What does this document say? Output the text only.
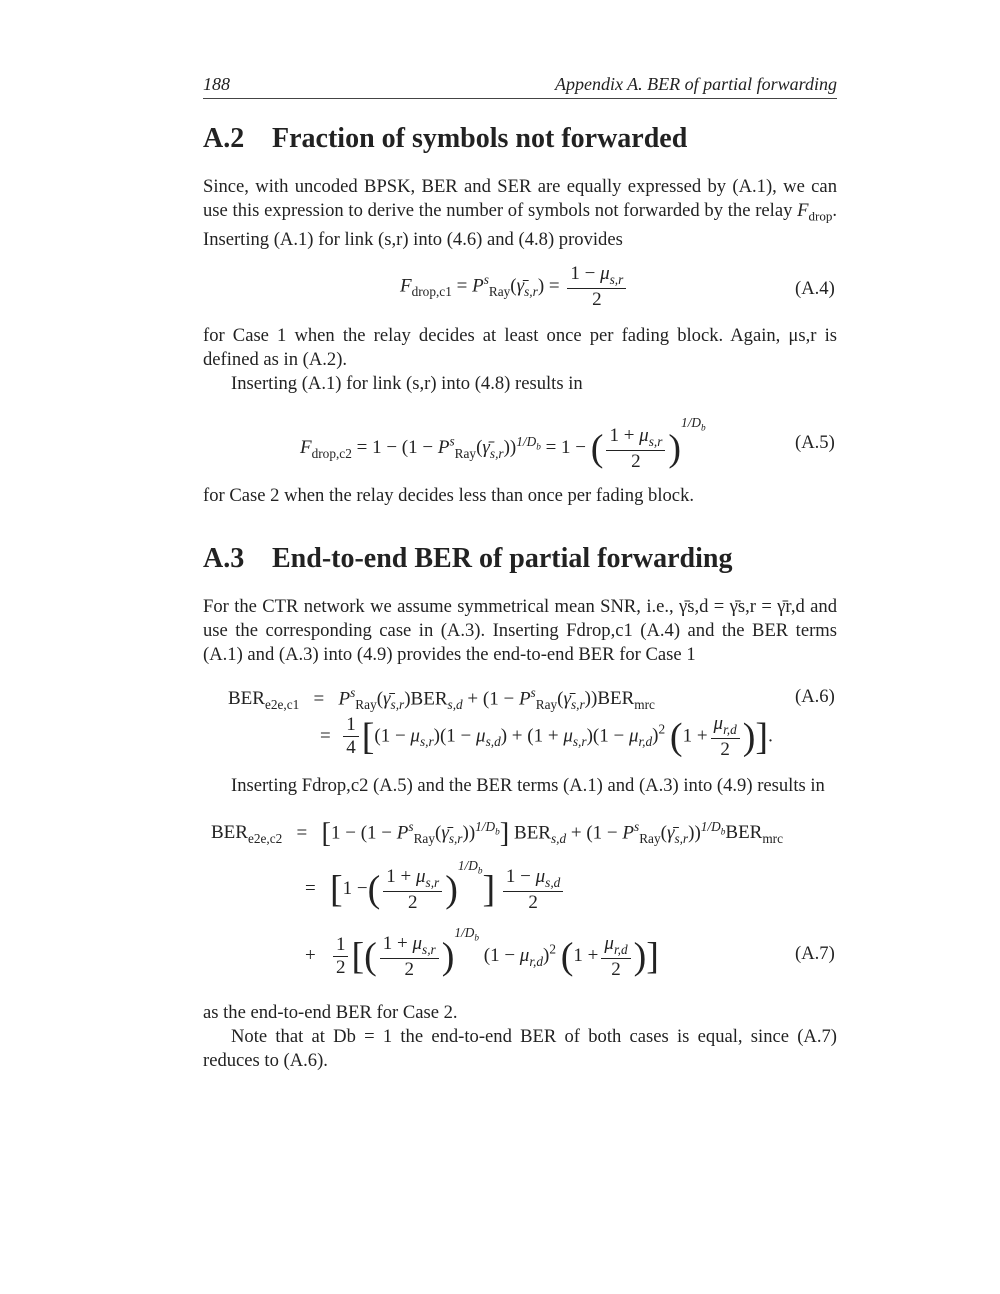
188	Appendix A. BER of partial forwarding
A.2 Fraction of symbols not forwarded

Since, with uncoded BPSK, BER and SER are equally expressed by (A.1), we can use this expression to derive the number of symbols not forwarded by the relay $F_{drop}$. Inserting (A.1) for link (s,r) into (4.6) and (4.8) provides

$F_{drop,c1}$ = $P^s_{Ray}(\gammā_{s,r}) = \frac{1 - \mu_{s,r}}{2}$	(A.4)

for Case 1 when the relay decides at least once per fading block. Again, μs,r is defined as in (A.2).

Inserting (A.1) for link (s,r) into (4.8) results in

$F_{drop,c2} = 1 - (1$ − $P^s_{Ray}(\gammā_{s,r}))^{1/D_b} = 1$ − ( $\frac{1 + \mu_{s,r}}{2} )^{1/D_b}$
(A.5)

for Case 2 when the relay decides less than once per fading block.

A.3 End-to-end BER of partial forwarding

For the CTR network we assume symmetrical mean SNR, i.e., γ̄s,d = γ̄s,r = γ̄r,d and use the corresponding case in (A.3). Inserting Fdrop,c1 (A.4) and the BER terms (A.1) and (A.3) into (4.9) provides the end-to-end BER for Case 1

$BER_{e2e,c1}$ =   $P^s_{Ray}(\gammā_{s,r})BER_{s,d} + (1$ − $P^s_{Ray}(\gammā_{s,r}))BER_{mrc}$	(A.6)
= $\frac{1}{4} [(1 - \mu_{s,r})(1 - \mu_{s,d}) + (1 + \mu_{s,r})(1 - \mu_{r,d})^2$ ($1 + \frac{\mu_{r,d}}{2}$ )].

Inserting Fdrop,c2 (A.5) and the BER terms (A.1) and (A.3) into (4.9) results in

$BER_{e2e,c2} = [1 - (1$ − $P^s_{Ray}(\gammā_{s,r}))^{1/D_b}$] $BER_{s,d} + (1$ − $P^s_{Ray}(\gammā_{s,r}))^{1/D_b}BER_{mrc}$
= [1 −( $\frac{1 + \mu_{s,r}}{2} )^{1/D_b}] \frac{1 - \mu_{s,d}}{2}$
+ $\frac{1}{2}$ [( $\frac{1 + \mu_{s,r}}{2} )^{1/D_b}$ $(1 - \mu_{r,d})^2$ ($1 + \frac{\mu_{r,d}}{2}$ )]	(A.7)

as the end-to-end BER for Case 2.

Note that at Db = 1 the end-to-end BER of both cases is equal, since (A.7) reduces to (A.6).
